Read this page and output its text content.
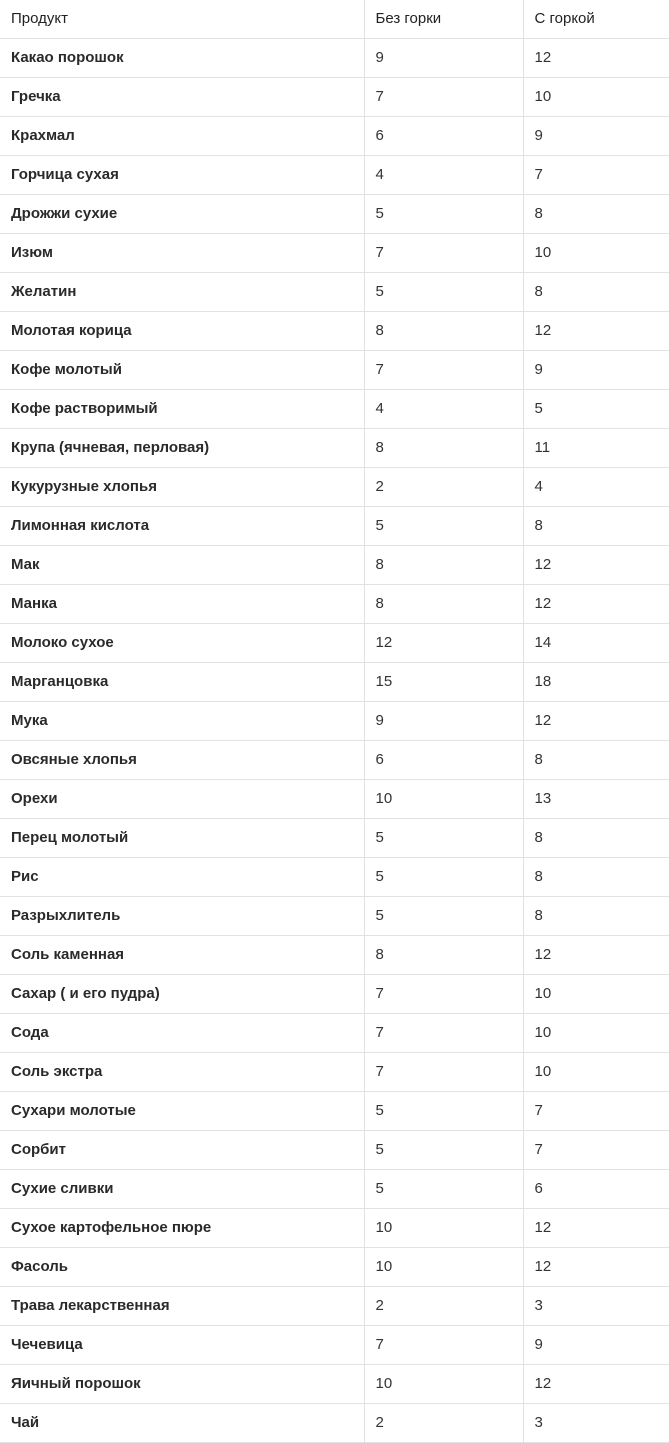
Продукт	Без горки	С горкой
Какао порошок	9	12
Гречка	7	10
Крахмал	6	9
Горчица сухая	4	7
Дрожжи сухие	5	8
Изюм	7	10
Желатин	5	8
Молотая корица	8	12
Кофе молотый	7	9
Кофе растворимый	4	5
Крупа (ячневая, перловая)	8	11
Кукурузные хлопья	2	4
Лимонная кислота	5	8
Мак	8	12
Манка	8	12
Молоко сухое	12	14
Марганцовка	15	18
Мука	9	12
Овсяные хлопья	6	8
Орехи	10	13
Перец молотый	5	8
Рис	5	8
Разрыхлитель	5	8
Соль каменная	8	12
Сахар ( и его пудра)	7	10
Сода	7	10
Соль экстра	7	10
Сухари молотые	5	7
Сорбит	5	7
Сухие сливки	5	6
Сухое картофельное пюре	10	12
Фасоль	10	12
Трава лекарственная	2	3
Чечевица	7	9
Яичный порошок	10	12
Чай	2	3
